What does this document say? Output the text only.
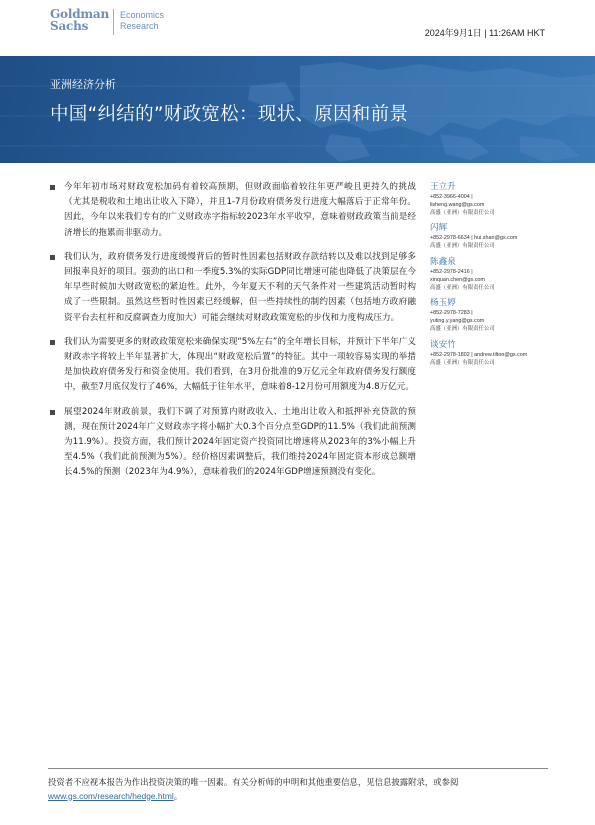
Goldman
Sachs
Economics
Research
2024年9月1日 | 11:26AM HKT
亚洲经济分析
中国“纠结的”财政宽松：现状、原因和前景
今年年初市场对财政宽松加码有着较高预期，但财政面临着较往年更严峻且更持久的挑战（尤其是税收和土地出让收入下降），并且1-7月份政府债务发行进度大幅落后于正常年份。因此，今年以来我们专有的广义财政赤字指标较2023年水平收窄，意味着财政政策当前是经济增长的拖累而非驱动力。
我们认为，政府债务发行进度缓慢背后的暂时性因素包括财政存款结转以及难以找到足够多回报率良好的项目。强劲的出口和一季度5.3%的实际GDP同比增速可能也降低了决策层在今年早些时候加大财政宽松的紧迫性。此外，今年夏天不利的天气条件对一些建筑活动暂时构成了一些限制。虽然这些暂时性因素已经缓解，但一些持续性的制约因素（包括地方政府融资平台去杠杆和反腐调查力度加大）可能会继续对财政政策宽松的步伐和力度构成压力。
我们认为需要更多的财政政策宽松来确保实现“5%左右”的全年增长目标，并预计下半年广义财政赤字将较上半年显著扩大，体现出“财政宽松后置”的特征。其中一项较容易实现的举措是加快政府债务发行和资金使用。我们看到，在3月份批准的9万亿元全年政府债务发行额度中，截至7月底仅发行了46%，大幅低于往年水平，意味着8-12月份可用额度为4.8万亿元。
展望2024年财政前景，我们下调了对预算内财政收入、土地出让收入和抵押补充贷款的预测，现在预计2024年广义财政赤字将小幅扩大0.3个百分点至GDP的11.5%（我们此前预测为11.9%）。投资方面，我们预计2024年固定资产投资同比增速将从2023年的3%小幅上升至4.5%（我们此前预测为5%）。经价格因素调整后，我们维持2024年固定资本形成总额增长4.5%的预测（2023年为4.9%），意味着我们的2024年GDP增速预测没有变化。
王立升
+852-3966-4004 |
lisheng.wang@gs.com
高盛（亚洲）有限责任公司
闪辉
+852-2978-6634 | hui.shan@gs.com
高盛（亚洲）有限责任公司
陈鑫泉
+852-2978-2416 |
xinquan.chen@gs.com
高盛（亚洲）有限责任公司
杨玉婷
+852-2978-7283 |
yuting.y.yang@gs.com
高盛（亚洲）有限责任公司
谈安竹
+852-2978-1802 | andrew.tilton@gs.com
高盛（亚洲）有限责任公司
投资者不应视本报告为作出投资决策的唯一因素。有关分析师的申明和其他重要信息，见信息披露附录，或参阅
www.gs.com/research/hedge.html。
